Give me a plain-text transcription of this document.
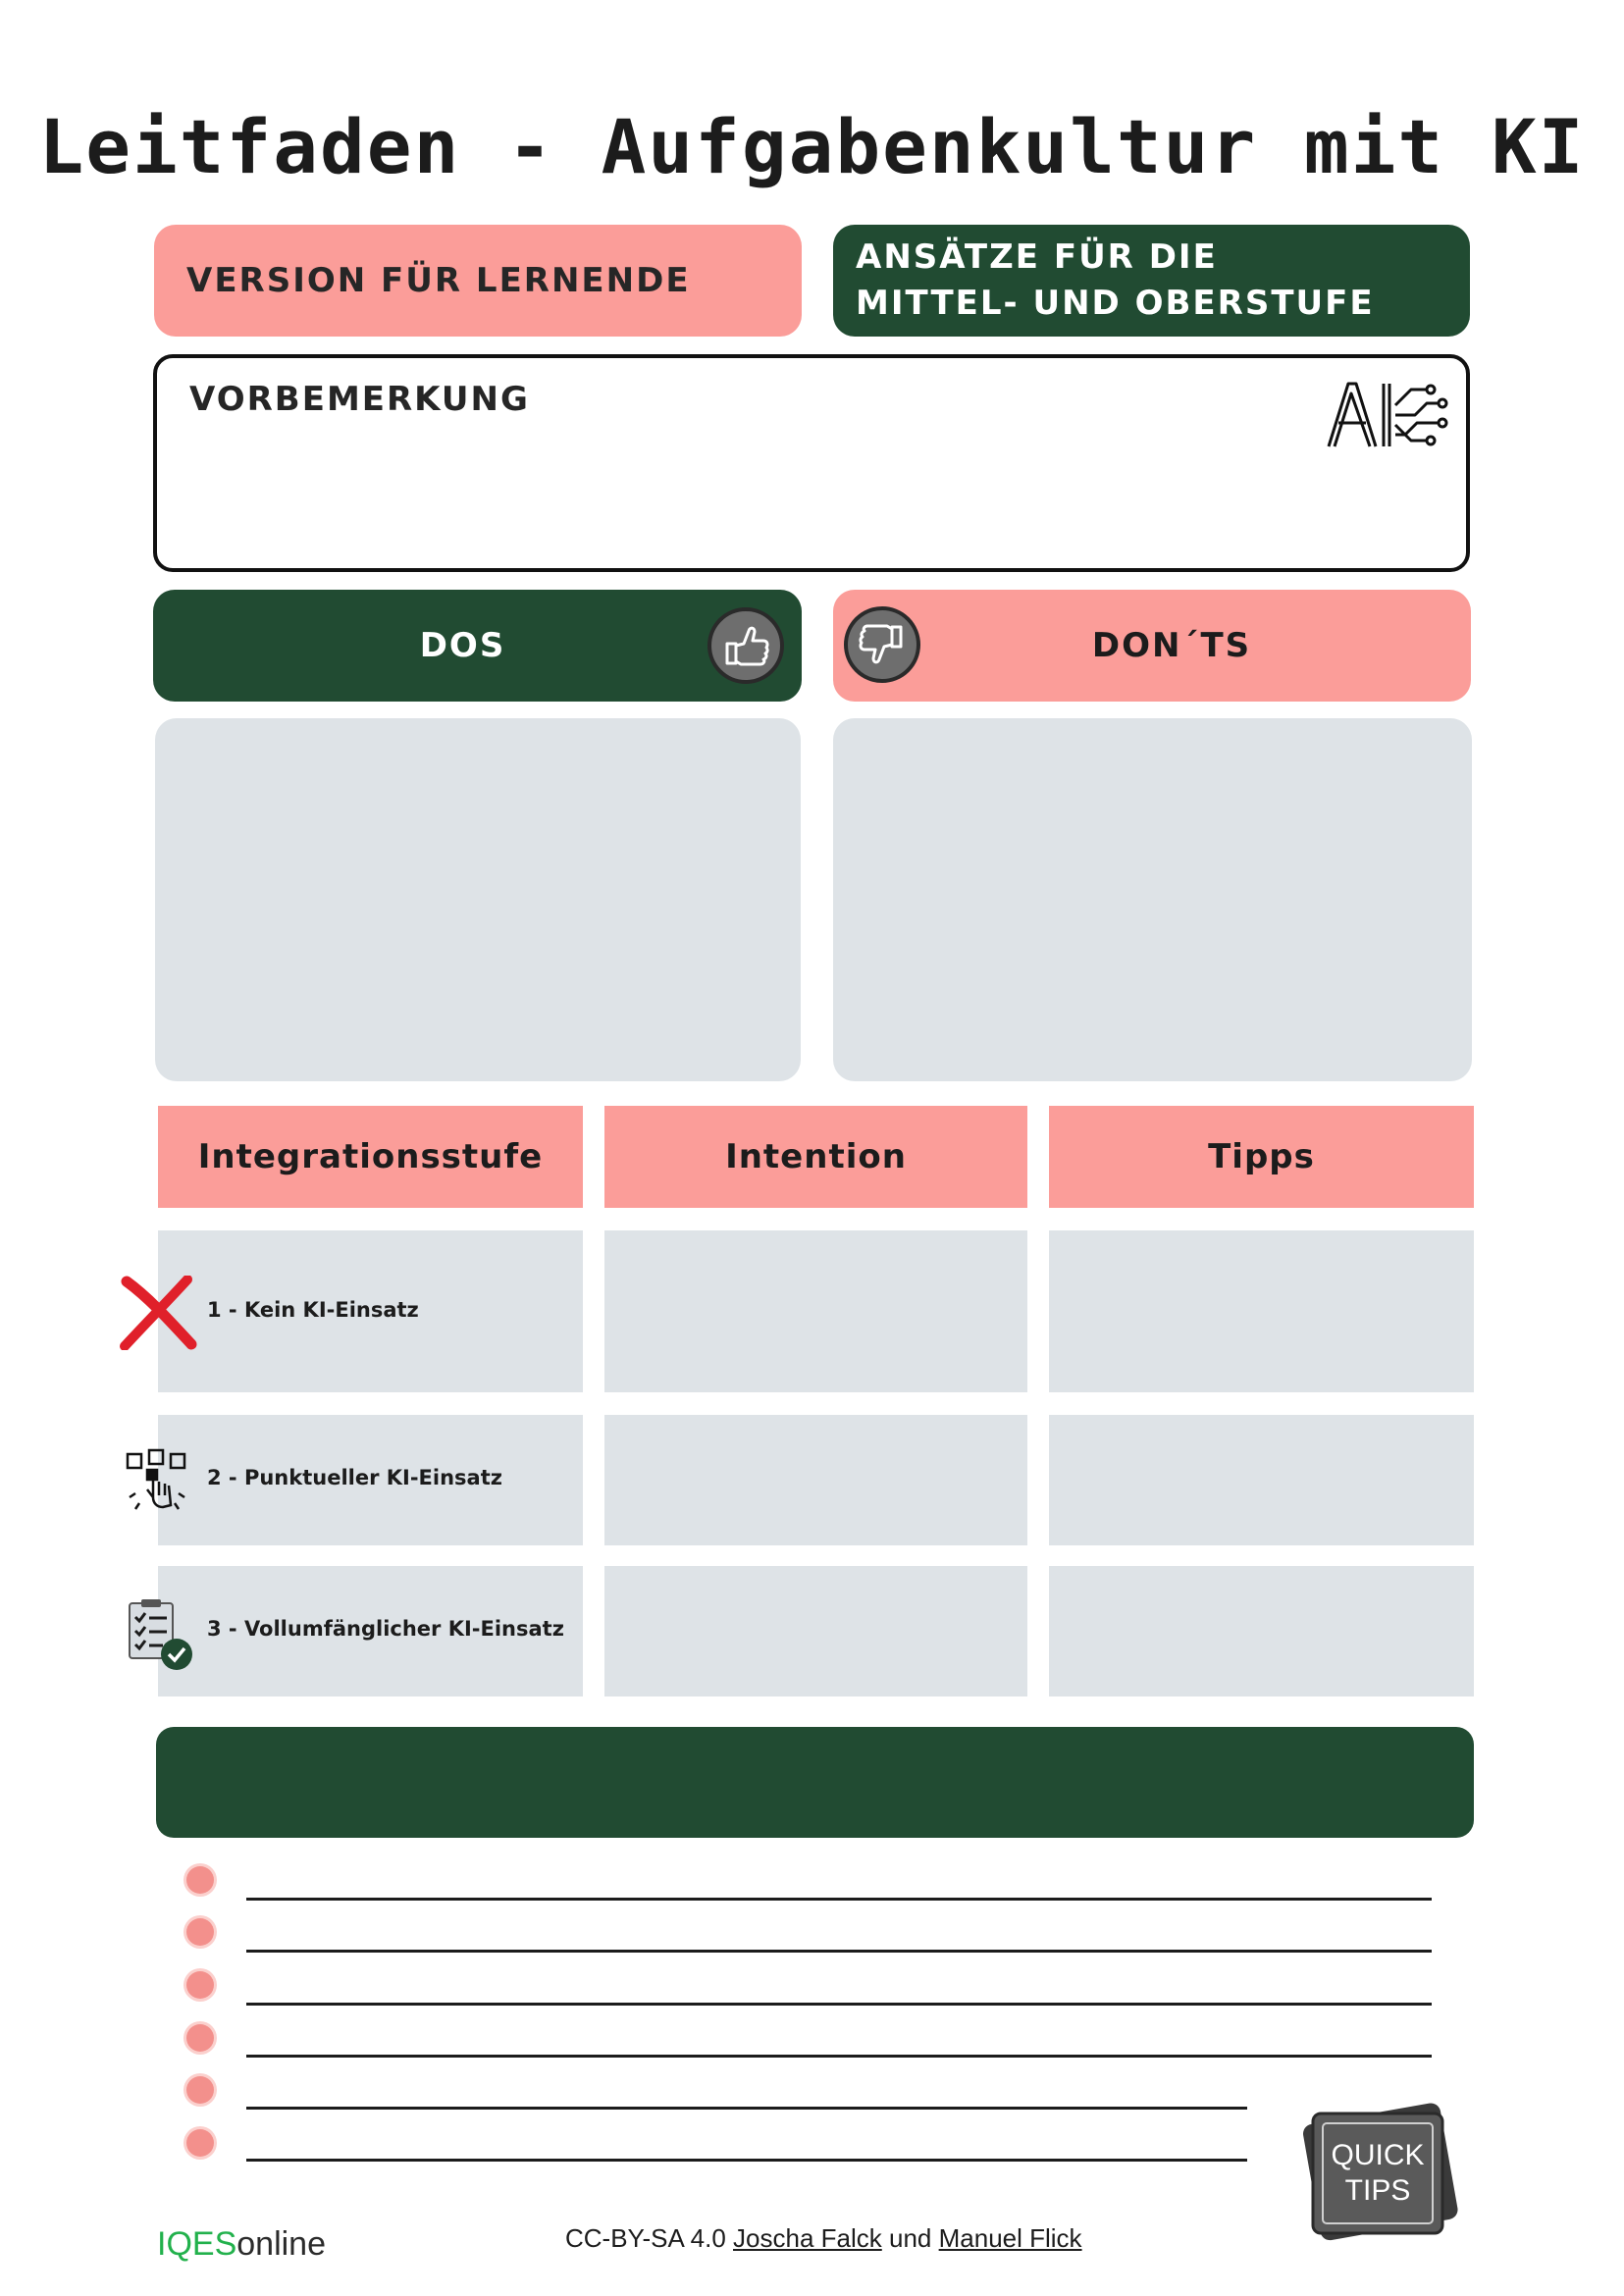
Leitfaden - Aufgabenkultur mit KI
VERSION FÜR LERNENDE
ANSÄTZE FÜR DIE
MITTEL- UND OBERSTUFE
VORBEMERKUNG
DOS	DON´TS
Integrationsstufe	Intention	Tipps
1 - Kein KI-Einsatz
2 - Punktueller KI-Einsatz
3 - Vollumfänglicher KI-Einsatz
QUICK
TIPS
IQESonline	CC-BY-SA 4.0 Joscha Falck und Manuel Flick
